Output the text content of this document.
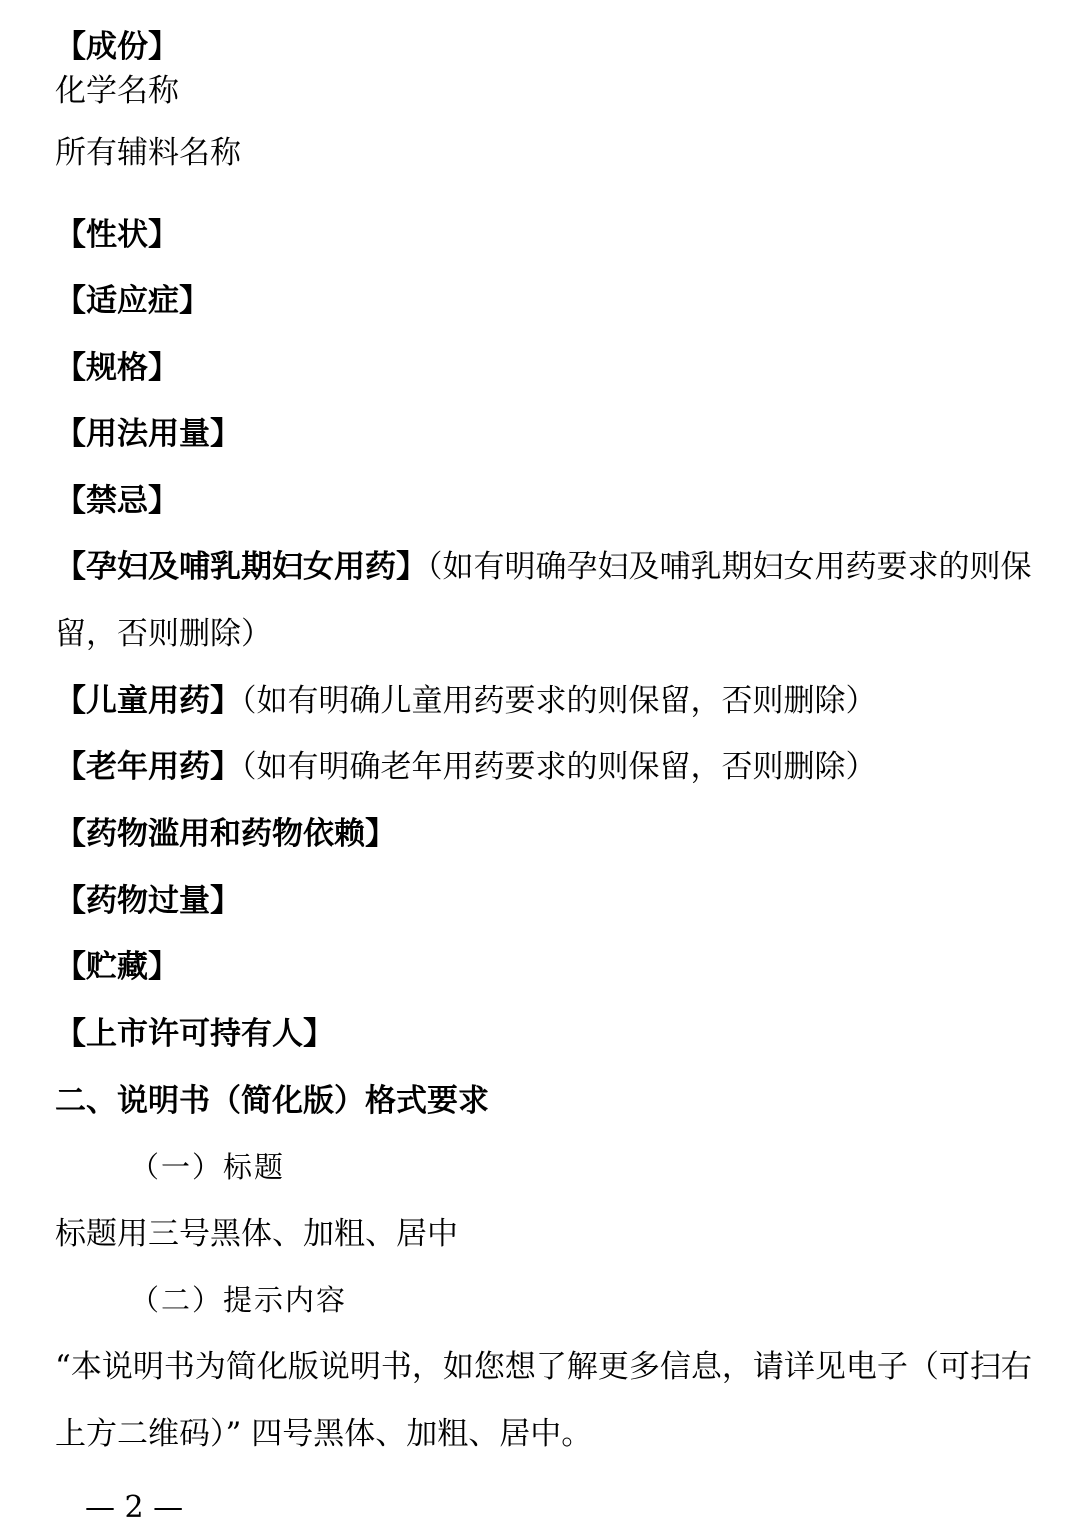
【成份】
化学名称
所有辅料名称
【性状】
【适应症】
【规格】
【用法用量】
【禁忌】
【孕妇及哺乳期妇女用药】（如有明确孕妇及哺乳期妇女用药要求的则保
留，否则删除）
【儿童用药】（如有明确儿童用药要求的则保留，否则删除）
【老年用药】（如有明确老年用药要求的则保留，否则删除）
【药物滥用和药物依赖】
【药物过量】
【贮藏】
【上市许可持有人】
二、说明书（简化版）格式要求
（一）标题
标题用三号黑体、加粗、居中
（二）提示内容
“本说明书为简化版说明书，如您想了解更多信息，请详见电子（可扫右
上方二维码）” 四号黑体、加粗、居中。
— 2 —
